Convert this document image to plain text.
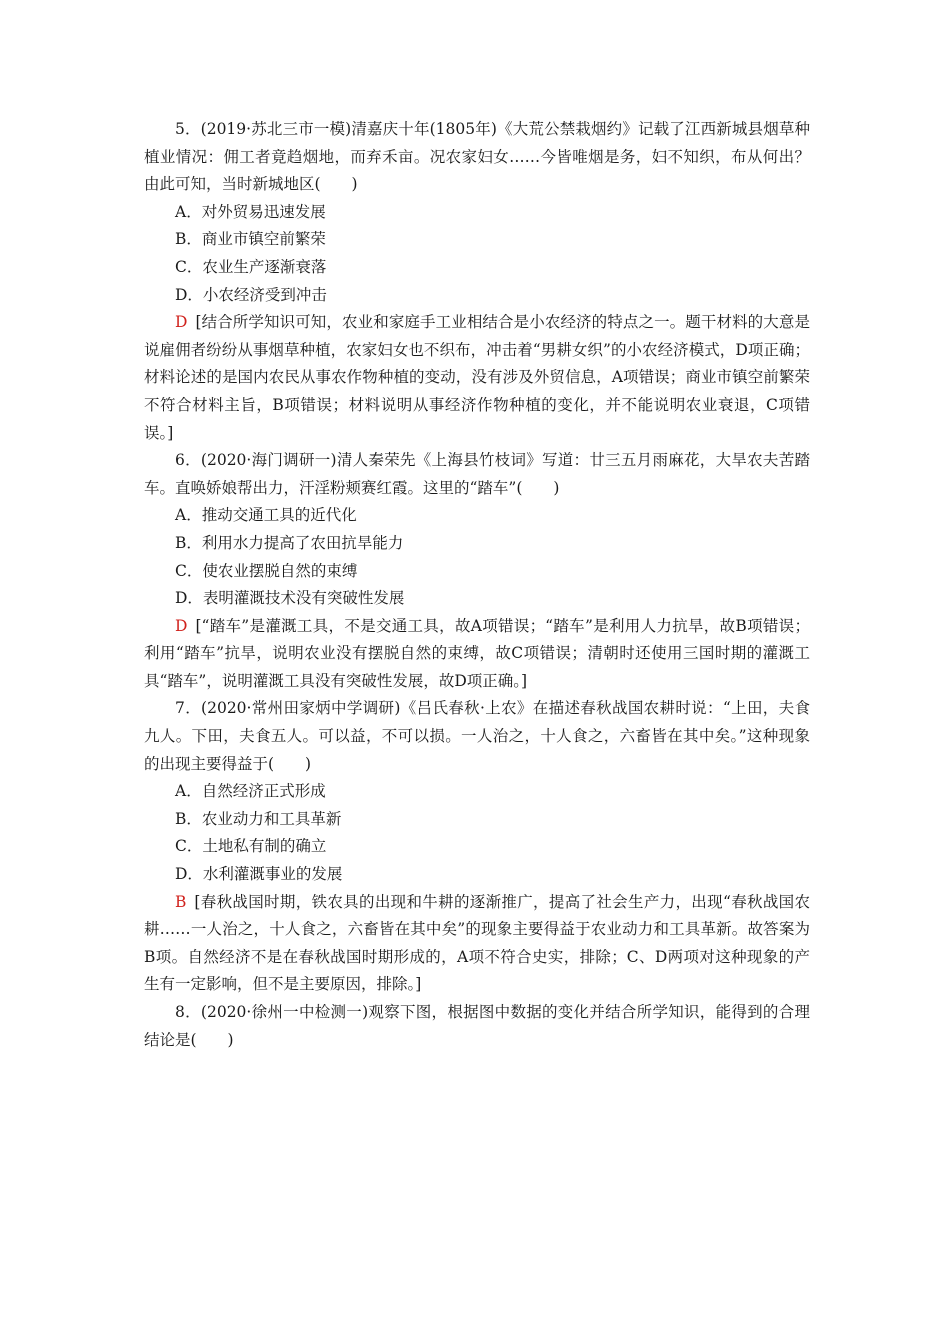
5．(2019·苏北三市一模)清嘉庆十年(1805年)《大荒公禁栽烟约》记载了江西新城县烟草种植业情况：佣工者竟趋烟地，而弃禾亩。况农家妇女……今皆唯烟是务，妇不知织，布从何出？由此可知，当时新城地区(　　)

A．对外贸易迅速发展

B．商业市镇空前繁荣

C．农业生产逐渐衰落

D．小农经济受到冲击

D [结合所学知识可知，农业和家庭手工业相结合是小农经济的特点之一。题干材料的大意是说雇佣者纷纷从事烟草种植，农家妇女也不织布，冲击着“男耕女织”的小农经济模式，D项正确；材料论述的是国内农民从事农作物种植的变动，没有涉及外贸信息，A项错误；商业市镇空前繁荣不符合材料主旨，B项错误；材料说明从事经济作物种植的变化，并不能说明农业衰退，C项错误。]

6．(2020·海门调研一)清人秦荣先《上海县竹枝词》写道：廿三五月雨麻花，大旱农夫苦踏车。直唤娇娘帮出力，汗淫粉颊赛红霞。这里的“踏车”(　　)

A．推动交通工具的近代化

B．利用水力提高了农田抗旱能力

C．使农业摆脱自然的束缚

D．表明灌溉技术没有突破性发展

D [“踏车”是灌溉工具，不是交通工具，故A项错误；“踏车”是利用人力抗旱，故B项错误；利用“踏车”抗旱，说明农业没有摆脱自然的束缚，故C项错误；清朝时还使用三国时期的灌溉工具“踏车”，说明灌溉工具没有突破性发展，故D项正确。]

7．(2020·常州田家炳中学调研)《吕氏春秋·上农》在描述春秋战国农耕时说：“上田，夫食九人。下田，夫食五人。可以益，不可以损。一人治之，十人食之，六畜皆在其中矣。”这种现象的出现主要得益于(　　)

A．自然经济正式形成

B．农业动力和工具革新

C．土地私有制的确立

D．水利灌溉事业的发展

B [春秋战国时期，铁农具的出现和牛耕的逐渐推广，提高了社会生产力，出现“春秋战国农耕……一人治之，十人食之，六畜皆在其中矣”的现象主要得益于农业动力和工具革新。故答案为B项。自然经济不是在春秋战国时期形成的，A项不符合史实，排除；C、D两项对这种现象的产生有一定影响，但不是主要原因，排除。]

8．(2020·徐州一中检测一)观察下图，根据图中数据的变化并结合所学知识，能得到的合理结论是(　　)
